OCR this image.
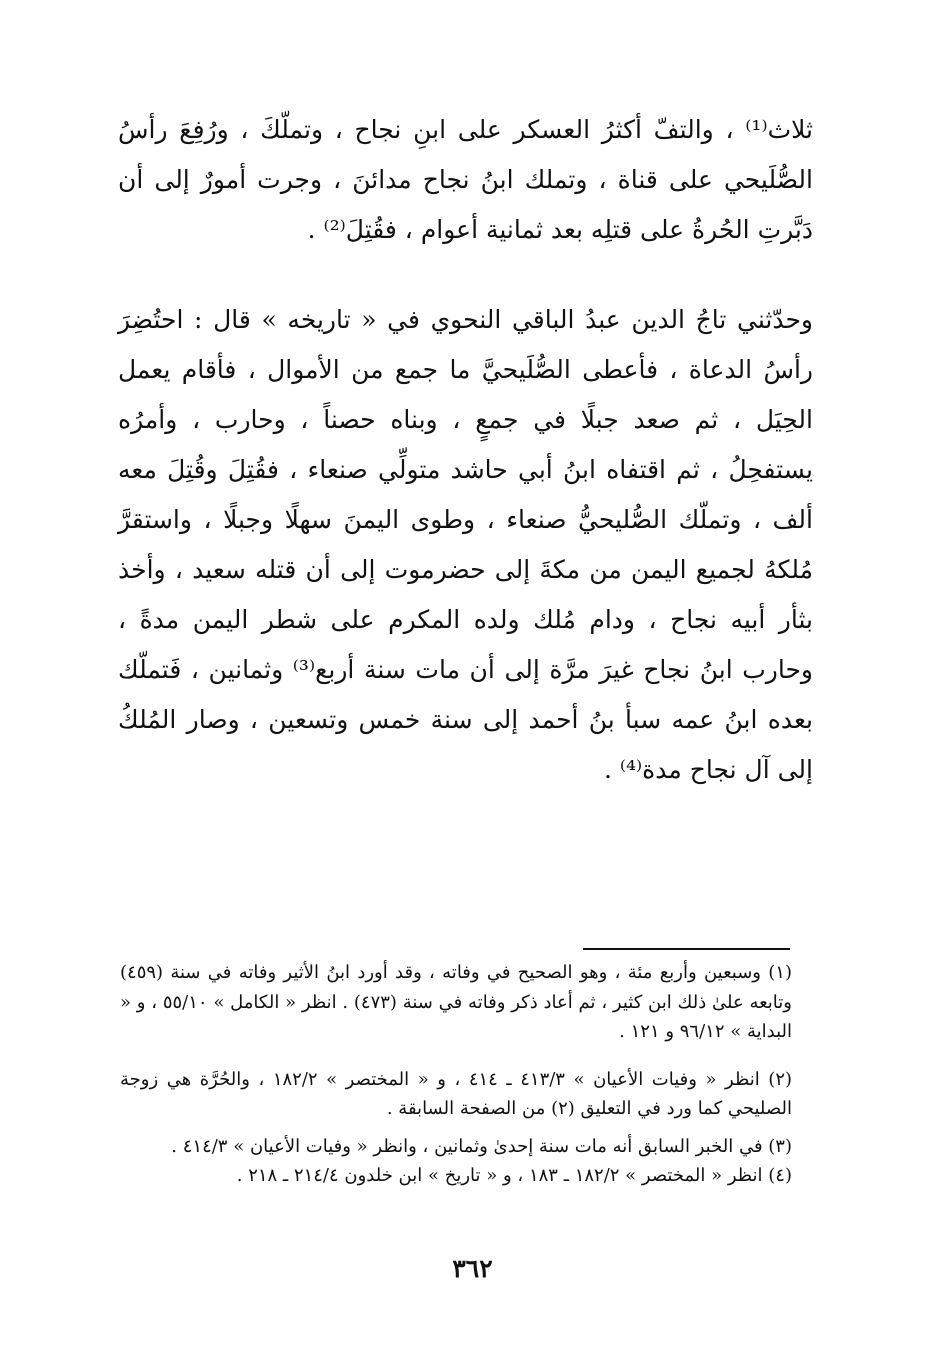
ثلاث⁽¹⁾ ، والتفّ أكثرُ العسكر على ابنِ نجاح ، وتملّكَ ، ورُفِعَ رأسُ الصُّلَيحي على قناة ، وتملك ابنُ نجاح مدائنَ ، وجرت أمورٌ إلى أن دَبَّرتِ الحُرةُ على قتلِه بعد ثمانية أعوام ، فقُتِلَ⁽²⁾ .

وحدّثني تاجُ الدين عبدُ الباقي النحوي في « تاريخه » قال : احتُضِرَ رأسُ الدعاة ، فأعطى الصُّلَيحيَّ ما جمع من الأموال ، فأقام يعمل الحِيَل ، ثم صعد جبلًا في جمعٍ ، وبناه حصناً ، وحارب ، وأمرُه يستفحِلُ ، ثم اقتفاه ابنُ أبي حاشد متولِّي صنعاء ، فقُتِلَ وقُتِلَ معه ألف ، وتملّك الصُّليحيُّ صنعاء ، وطوى اليمنَ سهلًا وجبلًا ، واستقرَّ مُلكهُ لجميع اليمن من مكةَ إلى حضرموت إلى أن قتله سعيد ، وأخذ بثأر أبيه نجاح ، ودام مُلك ولده المكرم على شطر اليمن مدةً ، وحارب ابنُ نجاح غيرَ مرَّة إلى أن مات سنة أربع⁽³⁾ وثمانين ، فَتملّك بعده ابنُ عمه سبأ بنُ أحمد إلى سنة خمس وتسعين ، وصار المُلكُ إلى آل نجاح مدة⁽⁴⁾ .

(١) وسبعين وأربع مئة ، وهو الصحيح في وفاته ، وقد أورد ابنُ الأثير وفاته في سنة (٤٥٩) وتابعه علىٰ ذلك ابن كثير ، ثم أعاد ذكر وفاته في سنة (٤٧٣) . انظر « الكامل » ٥٥/١٠ ، و « البداية » ٩٦/١٢ و ١٢١ .

(٢) انظر « وفيات الأعيان » ٤١٣/٣ ـ ٤١٤ ، و « المختصر » ١٨٢/٢ ، والحُرَّة هي زوجة الصليحي كما ورد في التعليق (٢) من الصفحة السابقة .

(٣) في الخبر السابق أنه مات سنة إحدىٰ وثمانين ، وانظر « وفيات الأعيان » ٤١٤/٣ .

(٤) انظر « المختصر » ١٨٢/٢ ـ ١٨٣ ، و « تاريخ » ابن خلدون ٢١٤/٤ ـ ٢١٨ .

٣٦٢
